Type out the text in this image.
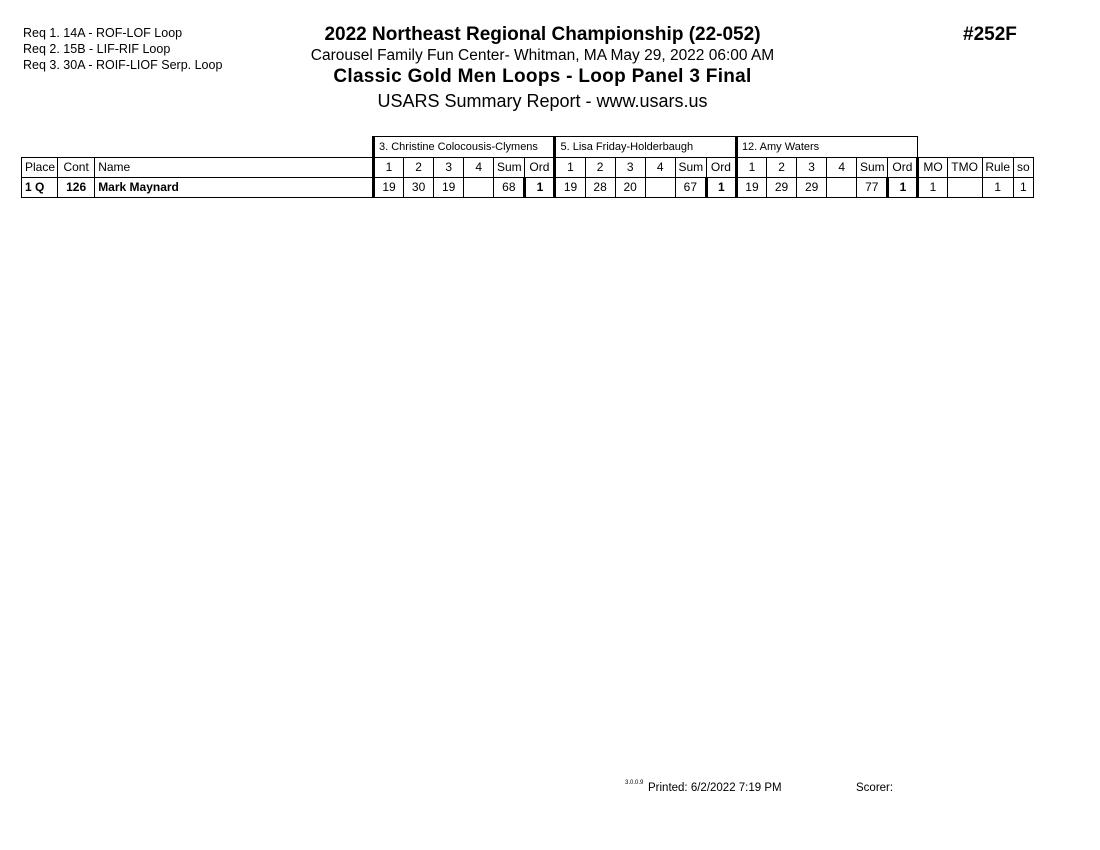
Req 1. 14A - ROF-LOF Loop
Req 2. 15B - LIF-RIF Loop
Req 3. 30A - ROIF-LIOF Serp. Loop
2022 Northeast Regional Championship (22-052)
Carousel Family Fun Center- Whitman, MA May 29, 2022 06:00 AM
Classic Gold Men Loops - Loop Panel 3 Final
USARS Summary Report - www.usars.us
#252F
			3. Christine Colocousis-Clymens						5. Lisa Friday-Holderbaugh						12. Amy Waters									
Place	Cont	Name	1	2	3	4	Sum	Ord	1	2	3	4	Sum	Ord	1	2	3	4	Sum	Ord	MO	TMO	Rule	so
1 Q	126	Mark Maynard	19	30	19		68	1	19	28	20		67	1	19	29	29		77	1	1		1	1
3.0.0.9 Printed: 6/2/2022 7:19 PM	Scorer:
